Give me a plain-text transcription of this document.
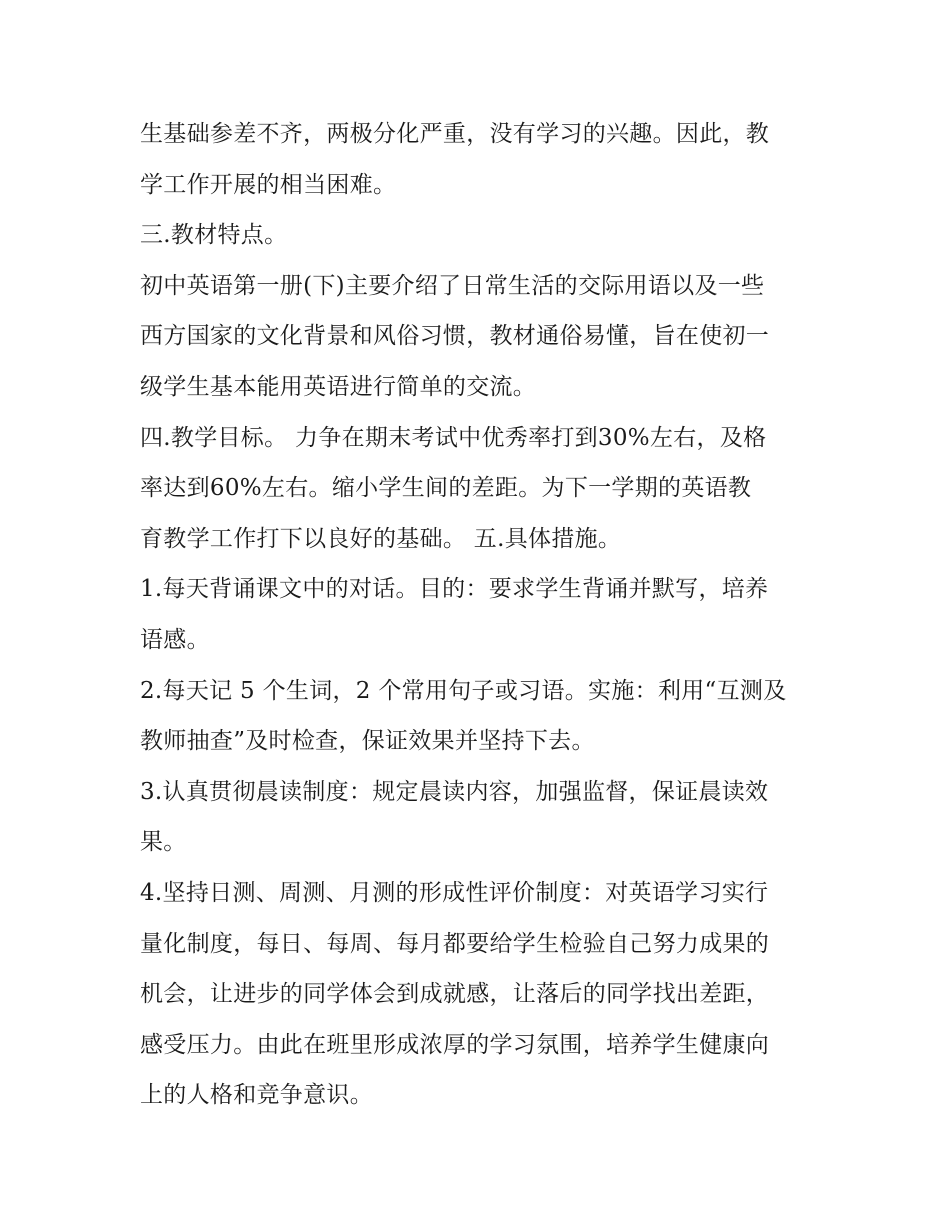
生基础参差不齐，两极分化严重，没有学习的兴趣。因此，教
学工作开展的相当困难。
三.教材特点。
初中英语第一册(下)主要介绍了日常生活的交际用语以及一些
西方国家的文化背景和风俗习惯，教材通俗易懂，旨在使初一
级学生基本能用英语进行简单的交流。
四.教学目标。 力争在期末考试中优秀率打到30%左右，及格
率达到60%左右。缩小学生间的差距。为下一学期的英语教
育教学工作打下以良好的基础。 五.具体措施。
1.每天背诵课文中的对话。目的：要求学生背诵并默写，培养
语感。
2.每天记 5 个生词，2 个常用句子或习语。实施：利用“互测及
教师抽查”及时检查，保证效果并坚持下去。
3.认真贯彻晨读制度：规定晨读内容，加强监督，保证晨读效
果。
4.坚持日测、周测、月测的形成性评价制度：对英语学习实行
量化制度，每日、每周、每月都要给学生检验自己努力成果的
机会，让进步的同学体会到成就感，让落后的同学找出差距，
感受压力。由此在班里形成浓厚的学习氛围，培养学生健康向
上的人格和竞争意识。
